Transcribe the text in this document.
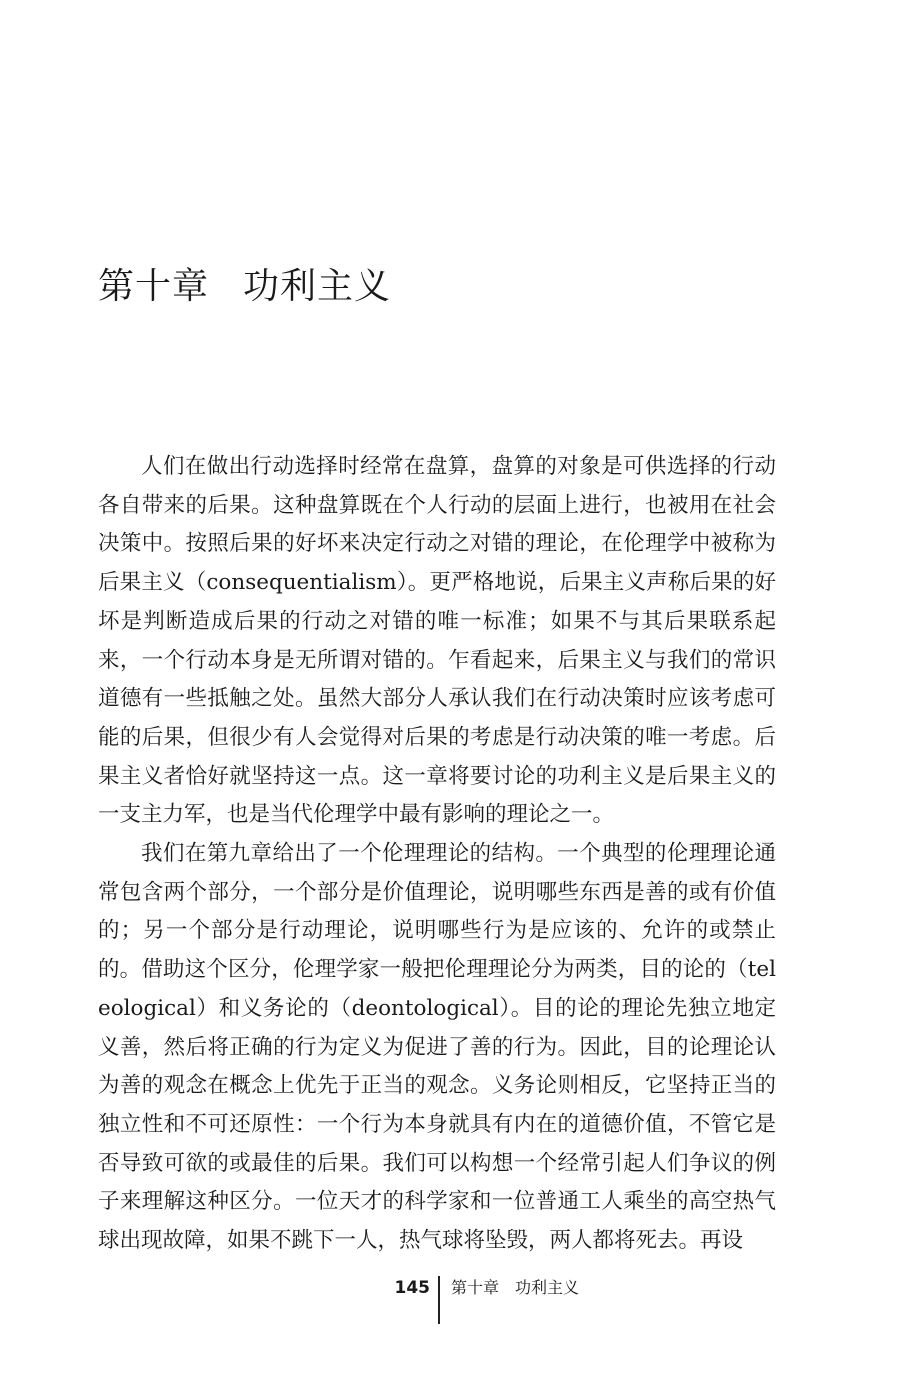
第十章 功利主义

人们在做出行动选择时经常在盘算，盘算的对象是可供选择的行动各自带来的后果。这种盘算既在个人行动的层面上进行，也被用在社会决策中。按照后果的好坏来决定行动之对错的理论，在伦理学中被称为后果主义（consequentialism）。更严格地说，后果主义声称后果的好坏是判断造成后果的行动之对错的唯一标准；如果不与其后果联系起来，一个行动本身是无所谓对错的。乍看起来，后果主义与我们的常识道德有一些抵触之处。虽然大部分人承认我们在行动决策时应该考虑可能的后果，但很少有人会觉得对后果的考虑是行动决策的唯一考虑。后果主义者恰好就坚持这一点。这一章将要讨论的功利主义是后果主义的一支主力军，也是当代伦理学中最有影响的理论之一。

我们在第九章给出了一个伦理理论的结构。一个典型的伦理理论通常包含两个部分，一个部分是价值理论，说明哪些东西是善的或有价值的；另一个部分是行动理论，说明哪些行为是应该的、允许的或禁止的。借助这个区分，伦理学家一般把伦理理论分为两类，目的论的（teleological）和义务论的（deontological）。目的论的理论先独立地定义善，然后将正确的行为定义为促进了善的行为。因此，目的论理论认为善的观念在概念上优先于正当的观念。义务论则相反，它坚持正当的独立性和不可还原性：一个行为本身就具有内在的道德价值，不管它是否导致可欲的或最佳的后果。我们可以构想一个经常引起人们争议的例子来理解这种区分。一位天才的科学家和一位普通工人乘坐的高空热气球出现故障，如果不跳下一人，热气球将坠毁，两人都将死去。再设

145 第十章　功利主义
